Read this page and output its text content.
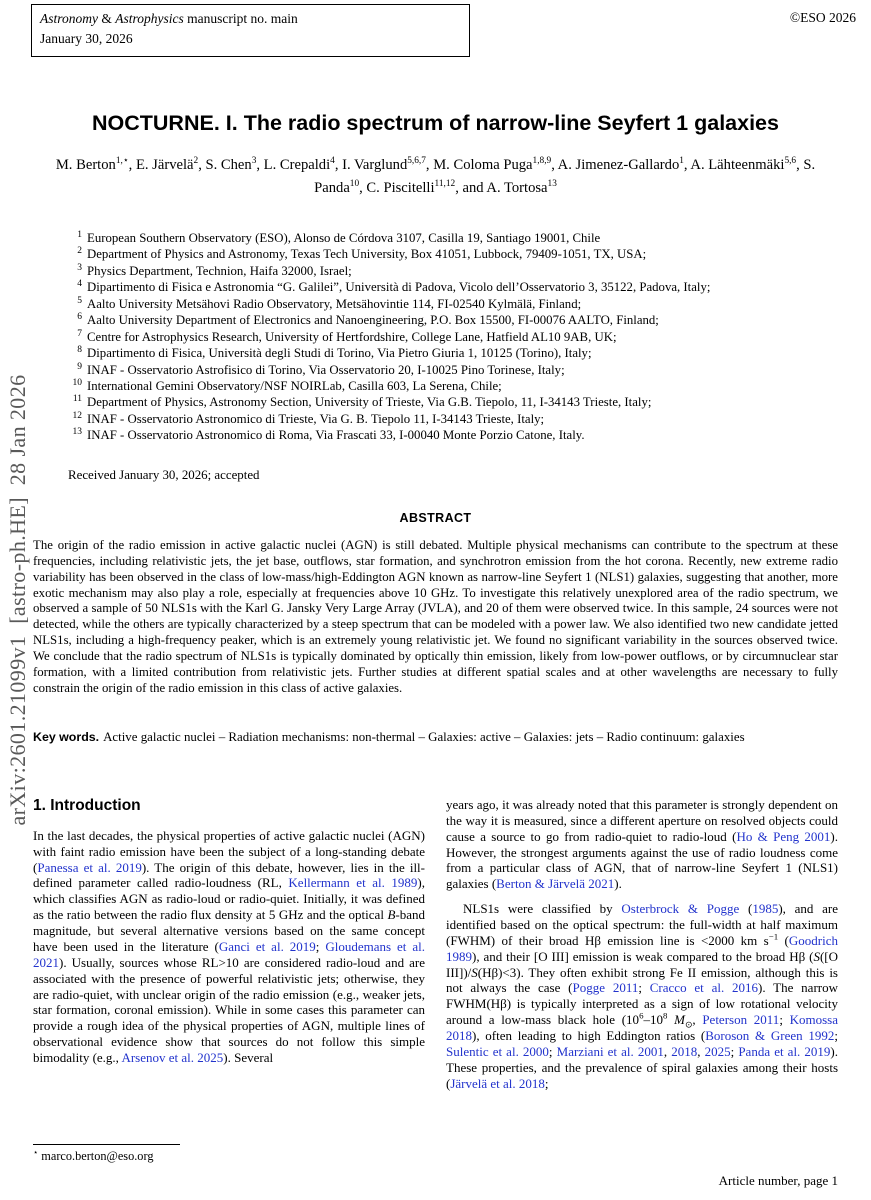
Astronomy & Astrophysics manuscript no. main
January 30, 2026
©ESO 2026
arXiv:2601.21099v1  [astro-ph.HE]  28 Jan 2026
NOCTURNE. I. The radio spectrum of narrow-line Seyfert 1 galaxies
M. Berton$^{1,⋆}$, E. Järvelä$^2$, S. Chen$^3$, L. Crepaldi$^4$, I. Varglund$^{5,6,7}$, M. Coloma Puga$^{1,8,9}$, A. Jimenez-Gallardo$^1$, A. Lähteenmäki$^{5,6}$, S. Panda$^{10}$, C. Piscitelli$^{11,12}$, and A. Tortosa$^{13}$
$^1$ European Southern Observatory (ESO), Alonso de Córdova 3107, Casilla 19, Santiago 19001, Chile
$^2$ Department of Physics and Astronomy, Texas Tech University, Box 41051, Lubbock, 79409-1051, TX, USA;
$^3$ Physics Department, Technion, Haifa 32000, Israel;
$^4$ Dipartimento di Fisica e Astronomia “G. Galilei”, Università di Padova, Vicolo dell’Osservatorio 3, 35122, Padova, Italy;
$^5$ Aalto University Metsähovi Radio Observatory, Metsähovintie 114, FI-02540 Kylmälä, Finland;
$^6$ Aalto University Department of Electronics and Nanoengineering, P.O. Box 15500, FI-00076 AALTO, Finland;
$^7$ Centre for Astrophysics Research, University of Hertfordshire, College Lane, Hatfield AL10 9AB, UK;
$^8$ Dipartimento di Fisica, Università degli Studi di Torino, Via Pietro Giuria 1, 10125 (Torino), Italy;
$^9$ INAF - Osservatorio Astrofisico di Torino, Via Osservatorio 20, I-10025 Pino Torinese, Italy;
$^{10}$ International Gemini Observatory/NSF NOIRLab, Casilla 603, La Serena, Chile;
$^{11}$ Department of Physics, Astronomy Section, University of Trieste, Via G.B. Tiepolo, 11, I-34143 Trieste, Italy;
$^{12}$ INAF - Osservatorio Astronomico di Trieste, Via G. B. Tiepolo 11, I-34143 Trieste, Italy;
$^{13}$ INAF - Osservatorio Astronomico di Roma, Via Frascati 33, I-00040 Monte Porzio Catone, Italy.
Received January 30, 2026; accepted
ABSTRACT
The origin of the radio emission in active galactic nuclei (AGN) is still debated. Multiple physical mechanisms can contribute to the spectrum at these frequencies, including relativistic jets, the jet base, outflows, star formation, and synchrotron emission from the hot corona. Recently, new extreme radio variability has been observed in the class of low-mass/high-Eddington AGN known as narrow-line Seyfert 1 (NLS1) galaxies, suggesting that another, more exotic mechanism may also play a role, especially at frequencies above 10 GHz. To investigate this relatively unexplored area of the radio spectrum, we observed a sample of 50 NLS1s with the Karl G. Jansky Very Large Array (JVLA), and 20 of them were observed twice. In this sample, 24 sources were not detected, while the others are typically characterized by a steep spectrum that can be modeled with a power law. We also identified two new candidate jetted NLS1s, including a high-frequency peaker, which is an extremely young relativistic jet. We found no significant variability in the sources observed twice. We conclude that the radio spectrum of NLS1s is typically dominated by optically thin emission, likely from low-power outflows, or by circumnuclear star formation, with a limited contribution from relativistic jets. Further studies at different spatial scales and at other wavelengths are necessary to fully constrain the origin of the radio emission in this class of active galaxies.
Key words. Active galactic nuclei – Radiation mechanisms: non-thermal – Galaxies: active – Galaxies: jets – Radio continuum: galaxies
1. Introduction

In the last decades, the physical properties of active galactic nuclei (AGN) with faint radio emission have been the subject of a long-standing debate (Panessa et al. 2019). The origin of this debate, however, lies in the ill-defined parameter called radio-loudness (RL, Kellermann et al. 1989), which classifies AGN as radio-loud or radio-quiet. Initially, it was defined as the ratio between the radio flux density at 5 GHz and the optical B-band magnitude, but several alternative versions based on the same concept have been used in the literature (Ganci et al. 2019; Gloudemans et al. 2021). Usually, sources whose RL>10 are considered radio-loud and are associated with the presence of powerful relativistic jets; otherwise, they are radio-quiet, with unclear origin of the radio emission (e.g., weaker jets, star formation, coronal emission). While in some cases this parameter can provide a rough idea of the physical properties of AGN, multiple lines of observational evidence show that sources do not follow this simple bimodality (e.g., Arsenov et al. 2025). Several

⋆ marco.berton@eso.org

years ago, it was already noted that this parameter is strongly dependent on the way it is measured, since a different aperture on resolved objects could cause a source to go from radio-quiet to radio-loud (Ho & Peng 2001). However, the strongest arguments against the use of radio loudness come from a particular class of AGN, that of narrow-line Seyfert 1 (NLS1) galaxies (Berton & Järvelä 2021).

NLS1s were classified by Osterbrock & Pogge (1985), and are identified based on the optical spectrum: the full-width at half maximum (FWHM) of their broad Hβ emission line is <2000 km $s^{-1}$ (Goodrich 1989), and their [O III] emission is weak compared to the broad Hβ (S([O III])/S(Hβ)<3). They often exhibit strong Fe II emission, although this is not always the case (Pogge 2011; Cracco et al. 2016). The narrow FWHM(Hβ) is typically interpreted as a sign of low rotational velocity around a low-mass black hole ($10^6-10^8$ $M_⊙$, Peterson 2011; Komossa 2018), often leading to high Eddington ratios (Boroson & Green 1992; Sulentic et al. 2000; Marziani et al. 2001, 2018, 2025; Panda et al. 2019). These properties, and the prevalence of spiral galaxies among their hosts (Järvelä et al. 2018;

Article number, page 1
